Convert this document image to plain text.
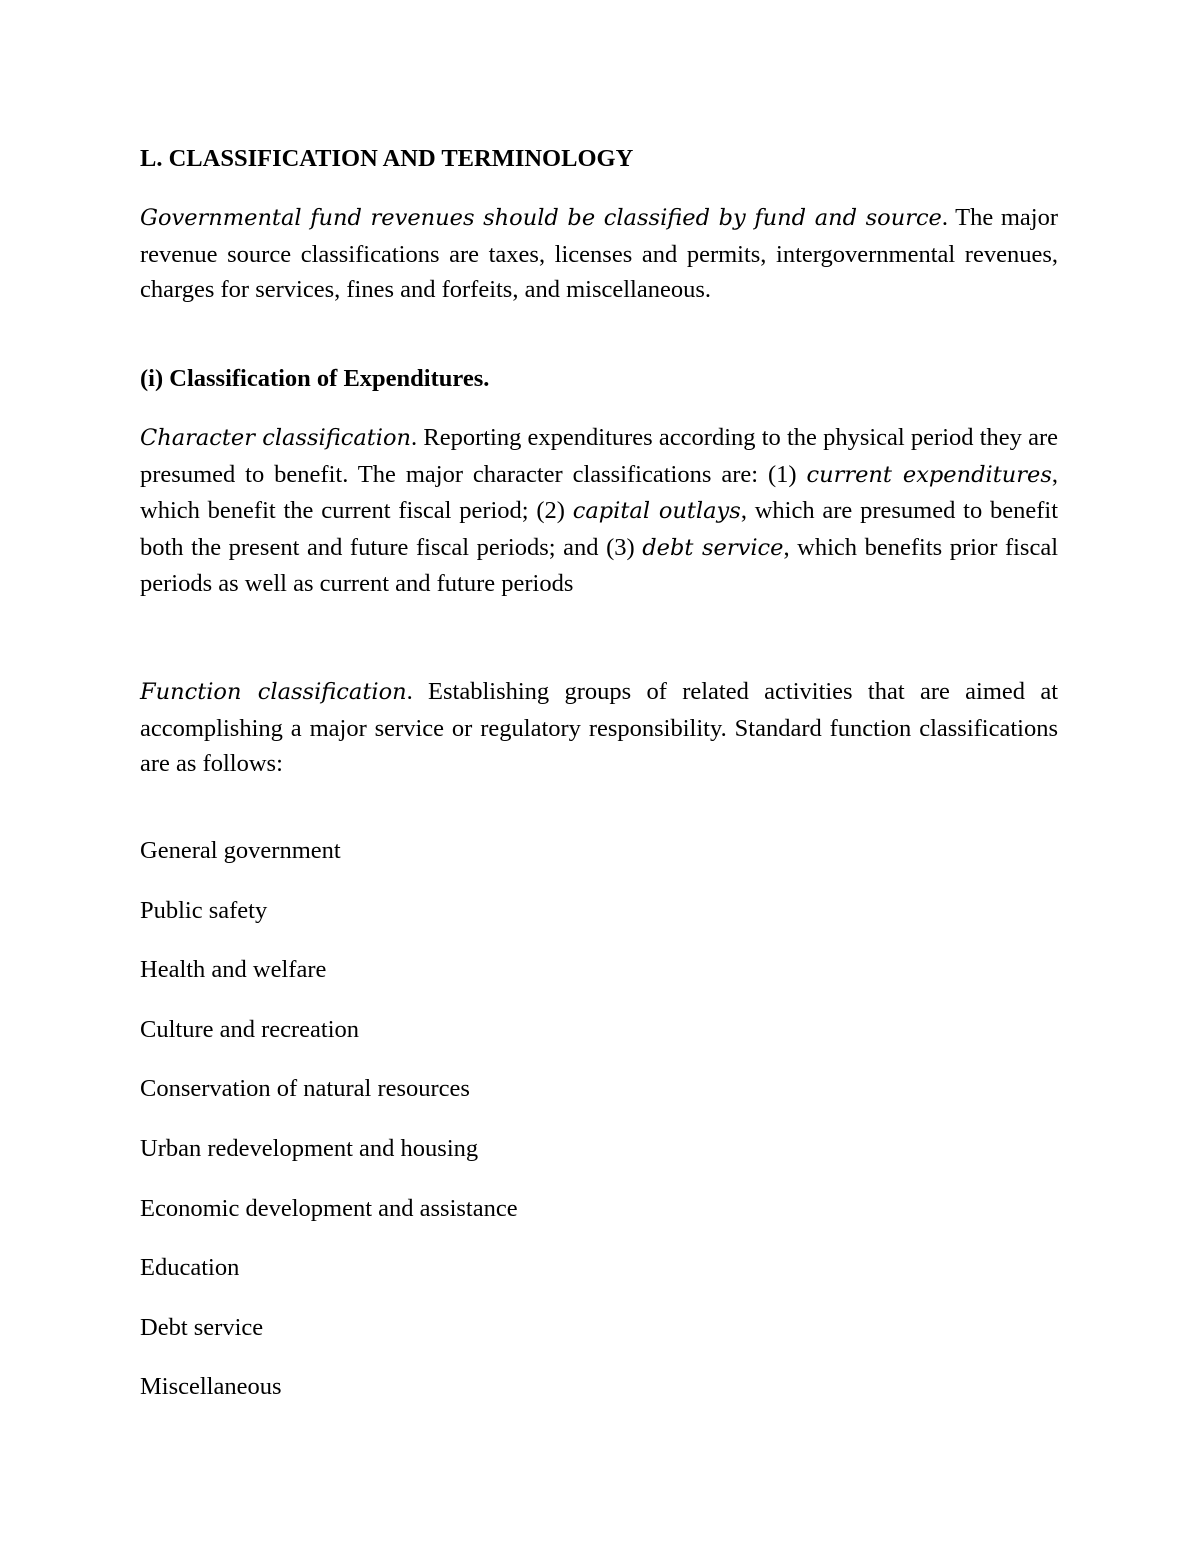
L. CLASSIFICATION AND TERMINOLOGY
Governmental fund revenues should be classified by fund and source. The major revenue source classifications are taxes, licenses and permits, intergovernmental revenues, charges for services, fines and forfeits, and miscellaneous.
(i) Classification of Expenditures.
Character classification. Reporting expenditures according to the physical period they are presumed to benefit. The major character classifications are: (1) current expenditures, which benefit the current fiscal period; (2) capital outlays, which are presumed to benefit both the present and future fiscal periods; and (3) debt service, which benefits prior fiscal periods as well as current and future periods
Function classification. Establishing groups of related activities that are aimed at accomplishing a major service or regulatory responsibility. Standard function classifications are as follows:
General government
Public safety
Health and welfare
Culture and recreation
Conservation of natural resources
Urban redevelopment and housing
Economic development and assistance
Education
Debt service
Miscellaneous
